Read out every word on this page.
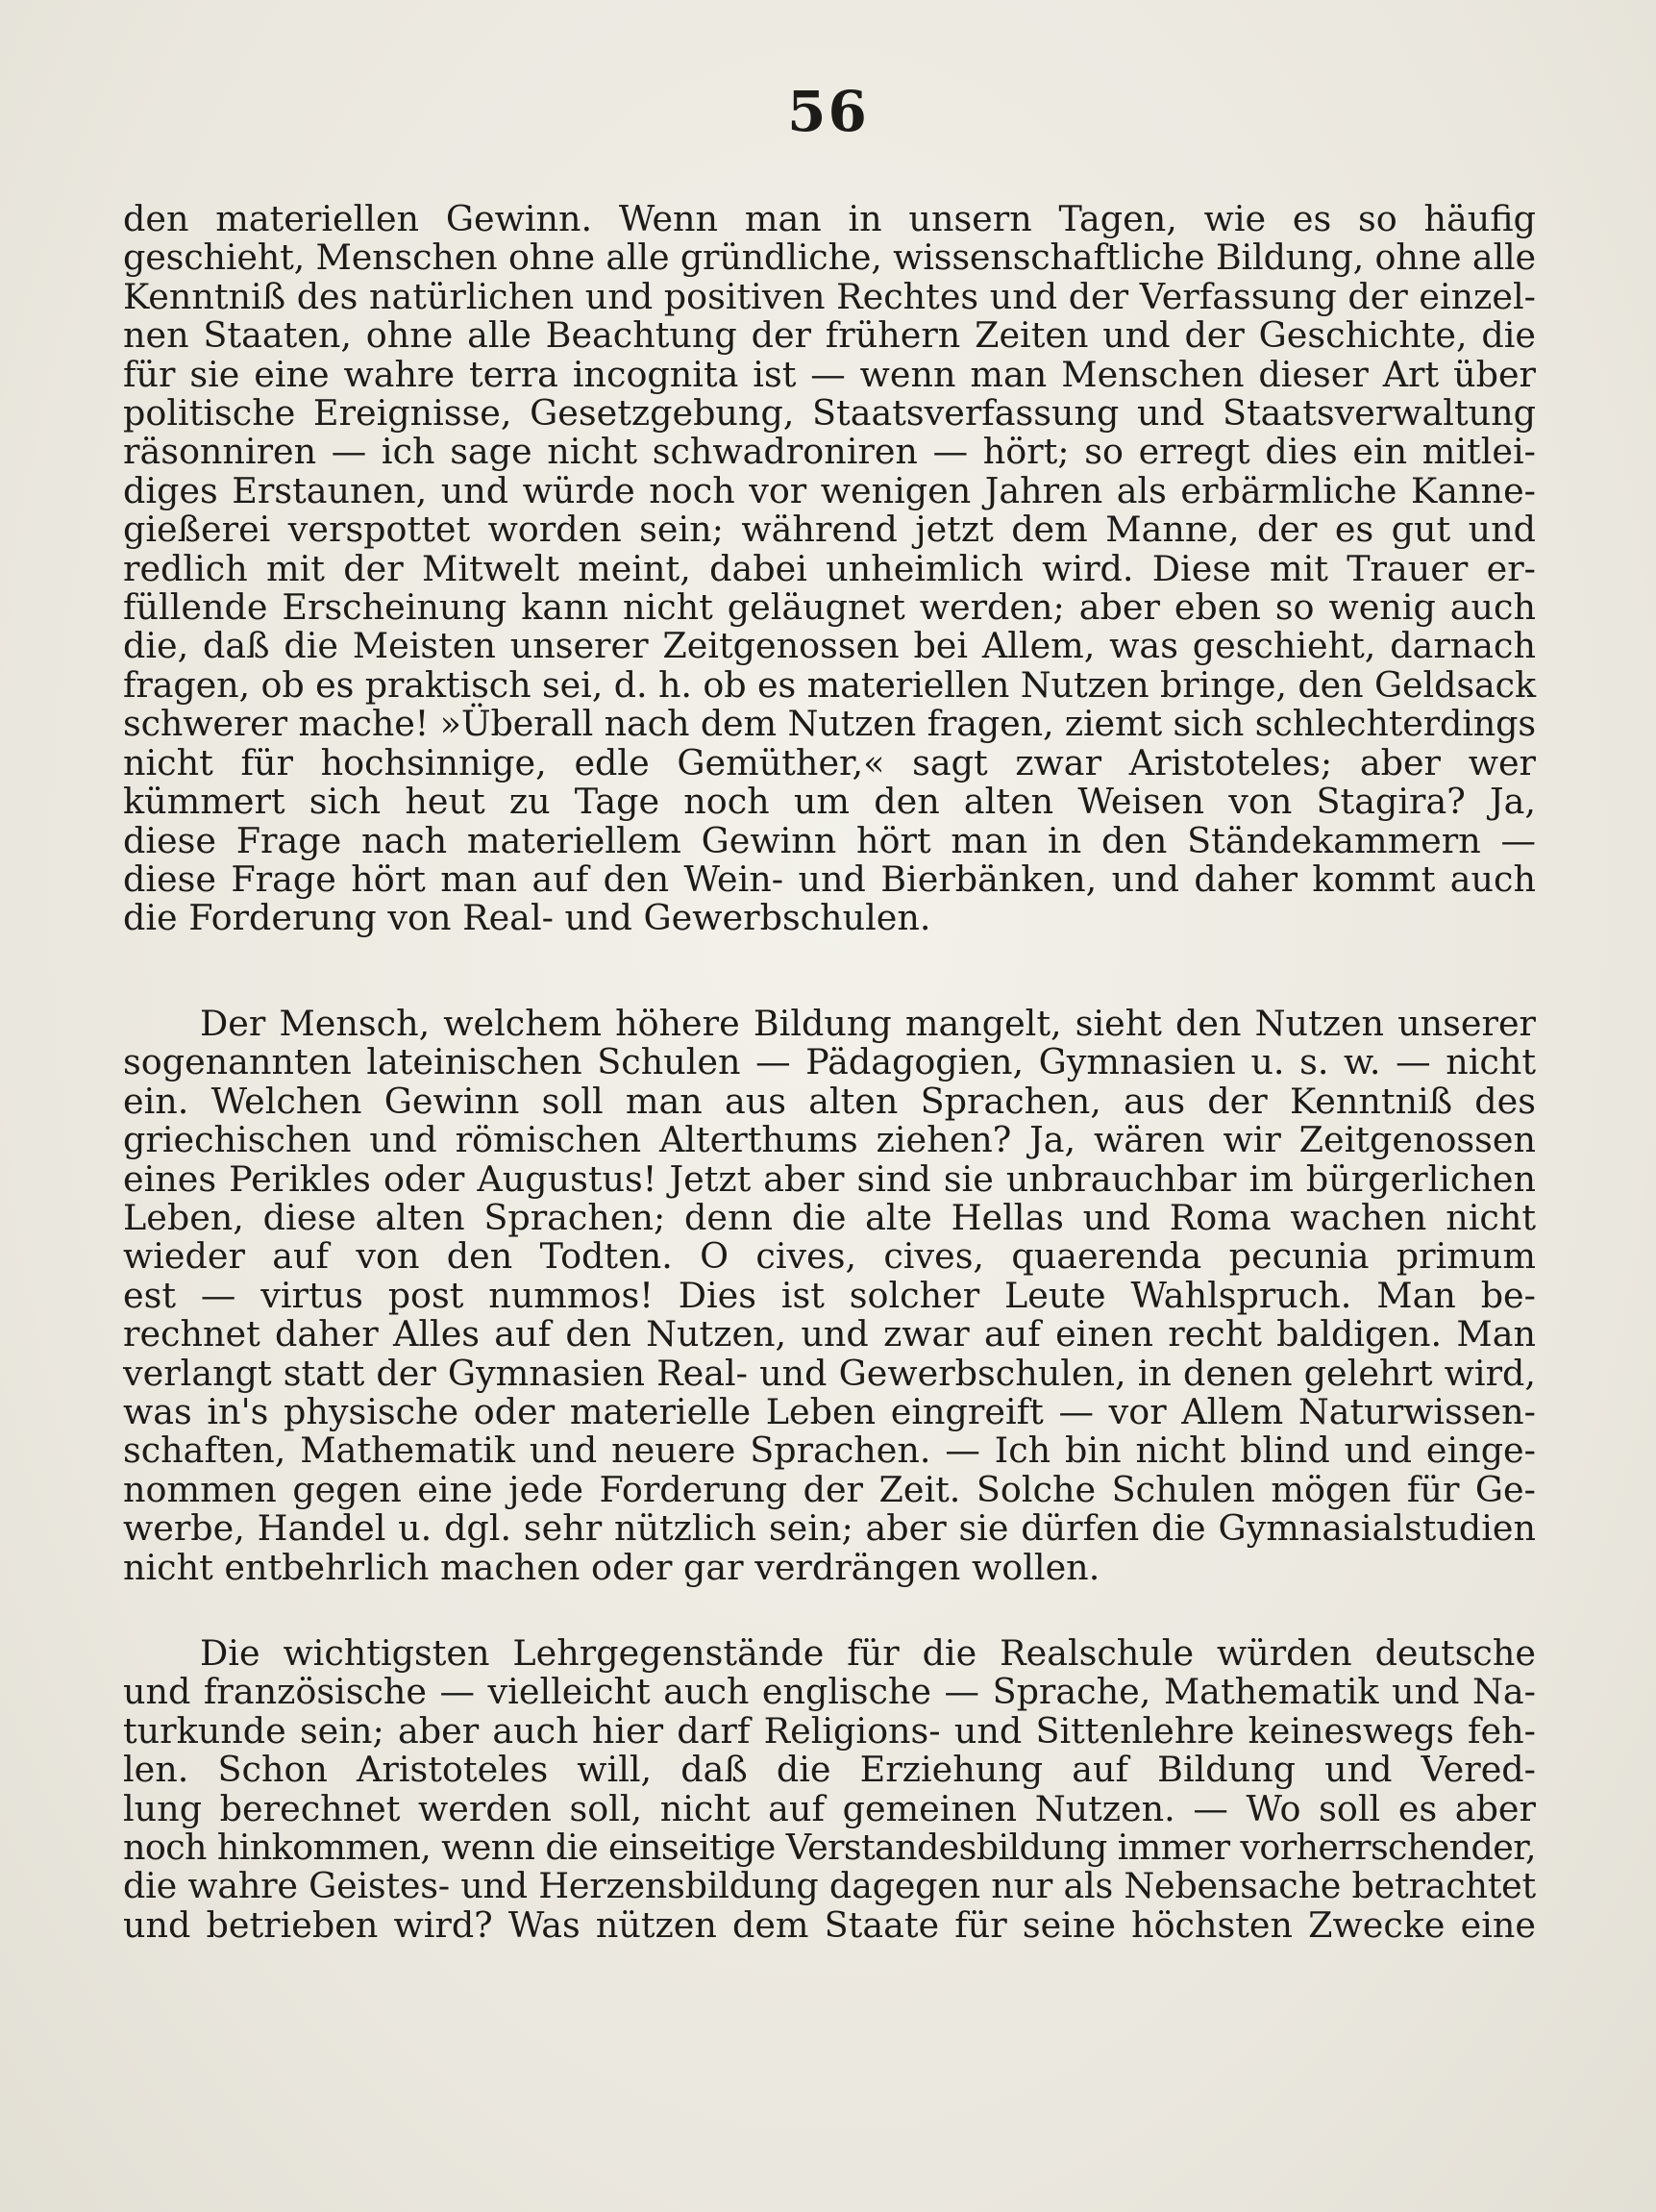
56
den materiellen Gewinn. Wenn man in unsern Tagen, wie es so häufig
geschieht, Menschen ohne alle gründliche, wissenschaftliche Bildung, ohne alle
Kenntniß des natürlichen und positiven Rechtes und der Verfassung der einzel-
nen Staaten, ohne alle Beachtung der frühern Zeiten und der Geschichte, die
für sie eine wahre terra incognita ist — wenn man Menschen dieser Art über
politische Ereignisse, Gesetzgebung, Staatsverfassung und Staatsverwaltung
räsonniren — ich sage nicht schwadroniren — hört; so erregt dies ein mitlei-
diges Erstaunen, und würde noch vor wenigen Jahren als erbärmliche Kanne-
gießerei verspottet worden sein; während jetzt dem Manne, der es gut und
redlich mit der Mitwelt meint, dabei unheimlich wird. Diese mit Trauer er-
füllende Erscheinung kann nicht geläugnet werden; aber eben so wenig auch
die, daß die Meisten unserer Zeitgenossen bei Allem, was geschieht, darnach
fragen, ob es praktisch sei, d. h. ob es materiellen Nutzen bringe, den Geldsack
schwerer mache! »Überall nach dem Nutzen fragen, ziemt sich schlechterdings
nicht für hochsinnige, edle Gemüther,« sagt zwar Aristoteles; aber wer
kümmert sich heut zu Tage noch um den alten Weisen von Stagira? Ja,
diese Frage nach materiellem Gewinn hört man in den Ständekammern —
diese Frage hört man auf den Wein- und Bierbänken, und daher kommt auch
die Forderung von Real- und Gewerbschulen.
Der Mensch, welchem höhere Bildung mangelt, sieht den Nutzen unserer
sogenannten lateinischen Schulen — Pädagogien, Gymnasien u. s. w. — nicht
ein. Welchen Gewinn soll man aus alten Sprachen, aus der Kenntniß des
griechischen und römischen Alterthums ziehen? Ja, wären wir Zeitgenossen
eines Perikles oder Augustus! Jetzt aber sind sie unbrauchbar im bürgerlichen
Leben, diese alten Sprachen; denn die alte Hellas und Roma wachen nicht
wieder auf von den Todten. O cives, cives, quaerenda pecunia primum
est — virtus post nummos! Dies ist solcher Leute Wahlspruch. Man be-
rechnet daher Alles auf den Nutzen, und zwar auf einen recht baldigen. Man
verlangt statt der Gymnasien Real- und Gewerbschulen, in denen gelehrt wird,
was in's physische oder materielle Leben eingreift — vor Allem Naturwissen-
schaften, Mathematik und neuere Sprachen. — Ich bin nicht blind und einge-
nommen gegen eine jede Forderung der Zeit. Solche Schulen mögen für Ge-
werbe, Handel u. dgl. sehr nützlich sein; aber sie dürfen die Gymnasialstudien
nicht entbehrlich machen oder gar verdrängen wollen.
Die wichtigsten Lehrgegenstände für die Realschule würden deutsche
und französische — vielleicht auch englische — Sprache, Mathematik und Na-
turkunde sein; aber auch hier darf Religions- und Sittenlehre keineswegs feh-
len. Schon Aristoteles will, daß die Erziehung auf Bildung und Vered-
lung berechnet werden soll, nicht auf gemeinen Nutzen. — Wo soll es aber
noch hinkommen, wenn die einseitige Verstandesbildung immer vorherrschender,
die wahre Geistes- und Herzensbildung dagegen nur als Nebensache betrachtet
und betrieben wird? Was nützen dem Staate für seine höchsten Zwecke eine
